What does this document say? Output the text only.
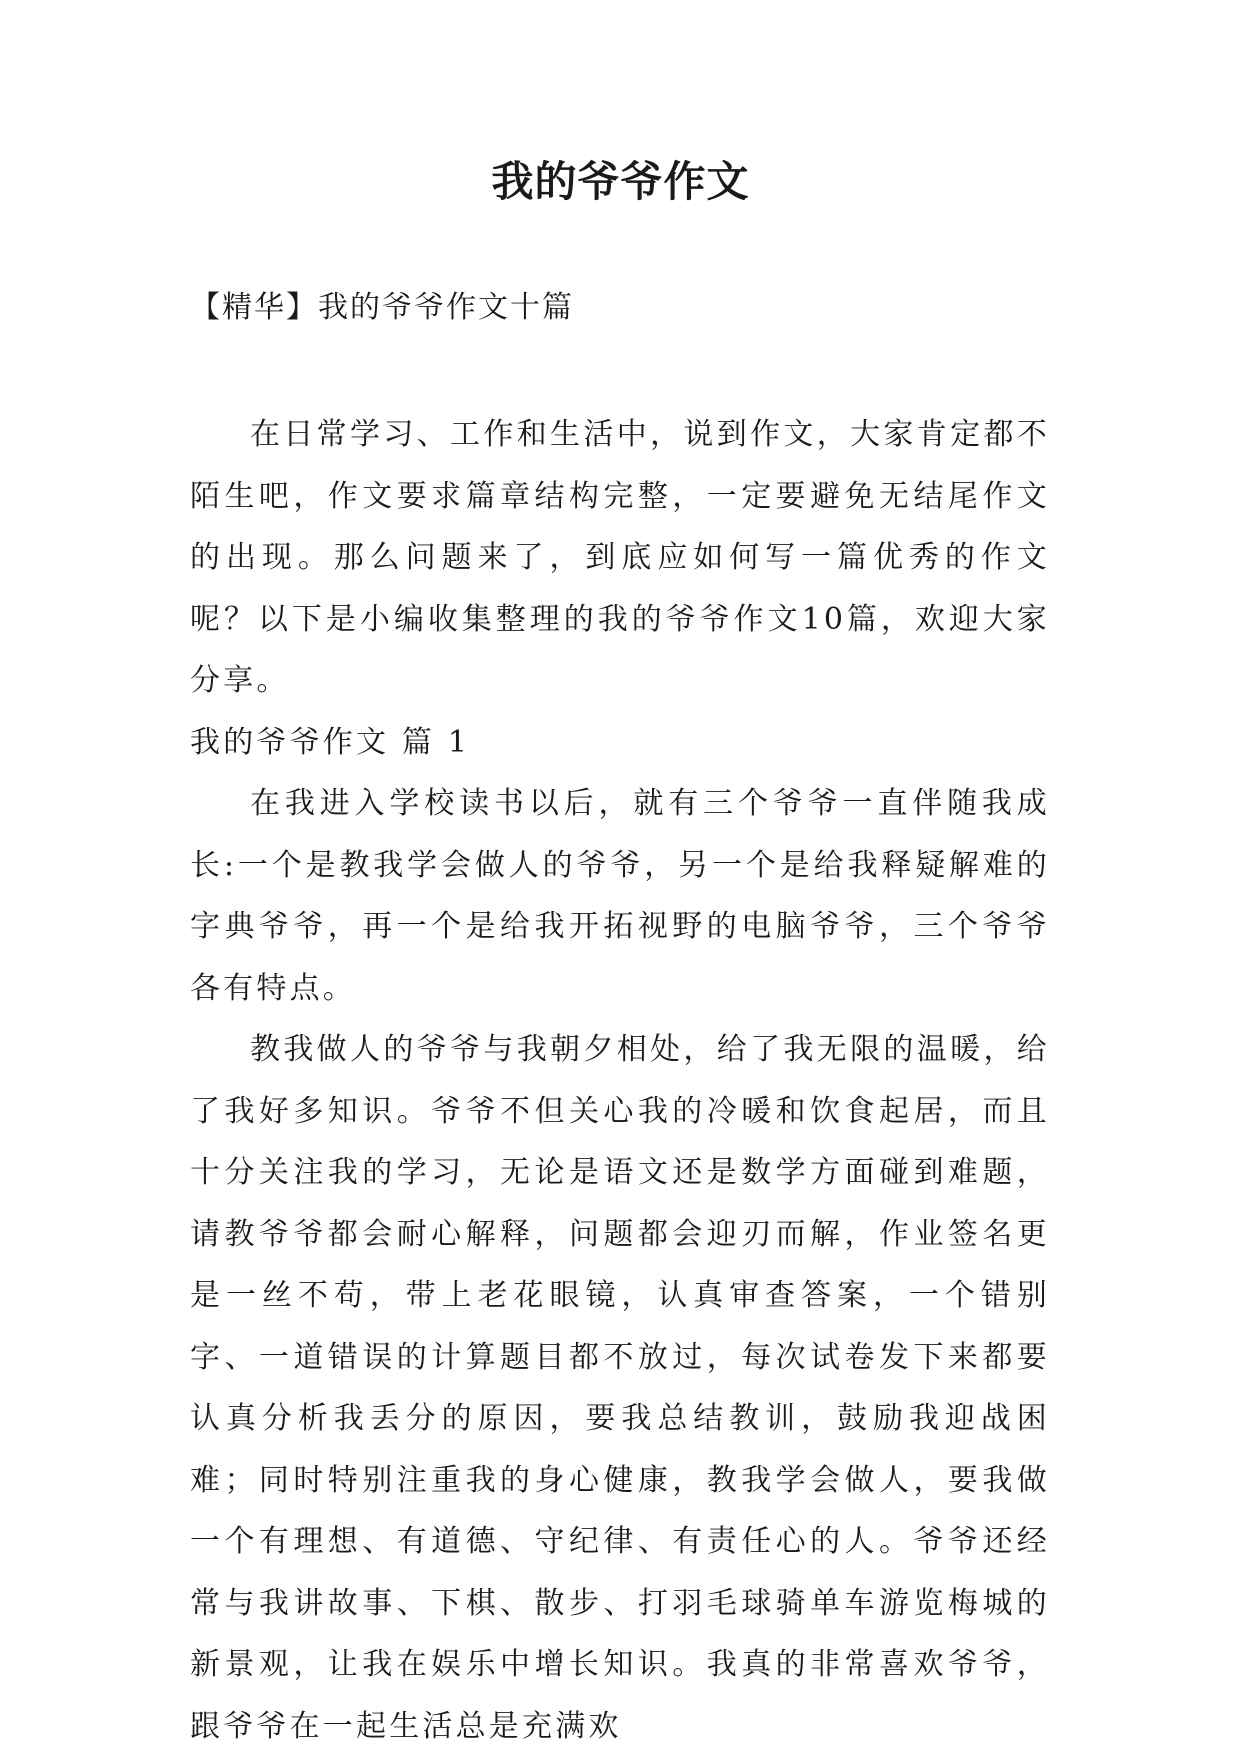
我的爷爷作文
【精华】我的爷爷作文十篇

在日常学习、工作和生活中，说到作文，大家肯定都不陌生吧，作文要求篇章结构完整，一定要避免无结尾作文的出现。那么问题来了，到底应如何写一篇优秀的作文呢？以下是小编收集整理的我的爷爷作文10篇，欢迎大家分享。

我的爷爷作文 篇 1

在我进入学校读书以后，就有三个爷爷一直伴随我成长:一个是教我学会做人的爷爷，另一个是给我释疑解难的字典爷爷，再一个是给我开拓视野的电脑爷爷，三个爷爷各有特点。

教我做人的爷爷与我朝夕相处，给了我无限的温暖，给了我好多知识。爷爷不但关心我的冷暖和饮食起居，而且十分关注我的学习，无论是语文还是数学方面碰到难题，请教爷爷都会耐心解释，问题都会迎刃而解，作业签名更是一丝不苟，带上老花眼镜，认真审查答案，一个错别字、一道错误的计算题目都不放过，每次试卷发下来都要认真分析我丢分的原因，要我总结教训，鼓励我迎战困难；同时特别注重我的身心健康，教我学会做人，要我做一个有理想、有道德、守纪律、有责任心的人。爷爷还经常与我讲故事、下棋、散步、打羽毛球骑单车游览梅城的新景观，让我在娱乐中增长知识。我真的非常喜欢爷爷，跟爷爷在一起生活总是充满欢
